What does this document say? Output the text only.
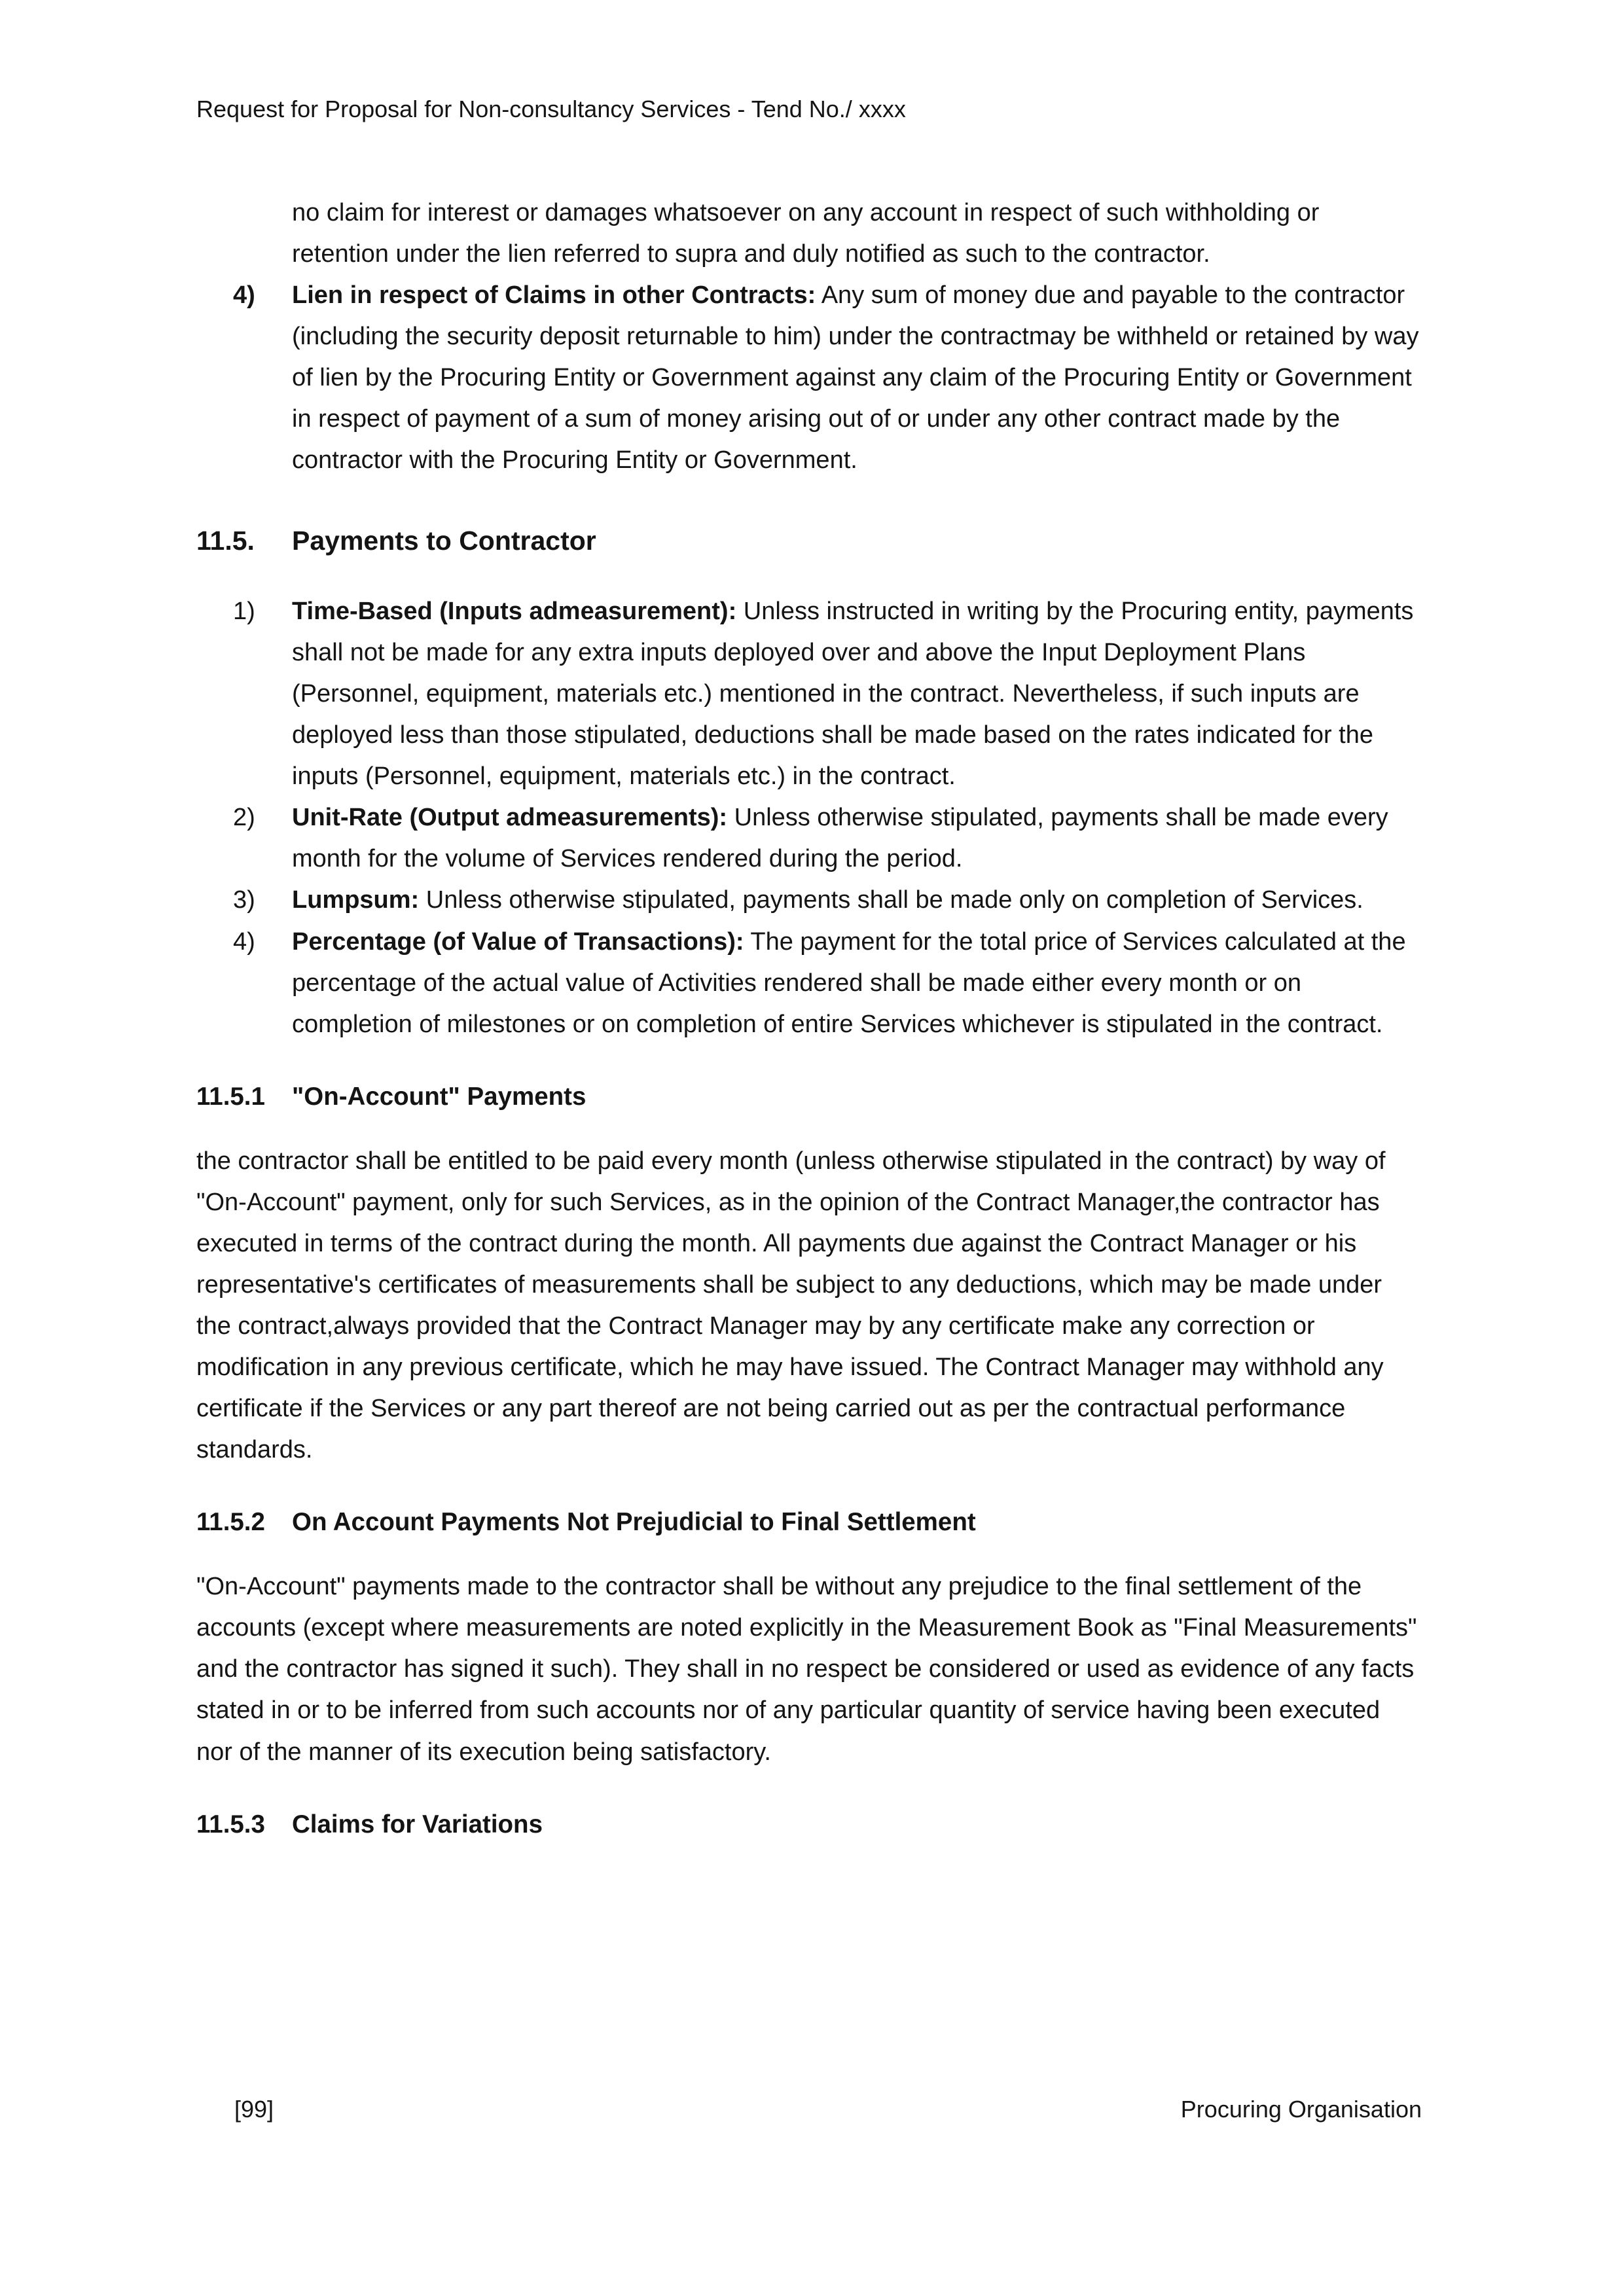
Request for Proposal for Non-consultancy Services - Tend No./ xxxx

no claim for interest or damages whatsoever on any account in respect of such withholding or retention under the lien referred to supra and duly notified as such to the contractor.

4) Lien in respect of Claims in other Contracts: Any sum of money due and payable to the contractor (including the security deposit returnable to him) under the contractmay be withheld or retained by way of lien by the Procuring Entity or Government against any claim of the Procuring Entity or Government in respect of payment of a sum of money arising out of or under any other contract made by the contractor with the Procuring Entity or Government.
11.5.	Payments to Contractor
1) Time-Based (Inputs admeasurement): Unless instructed in writing by the Procuring entity, payments shall not be made for any extra inputs deployed over and above the Input Deployment Plans (Personnel, equipment, materials etc.) mentioned in the contract. Nevertheless, if such inputs are deployed less than those stipulated, deductions shall be made based on the rates indicated for the inputs (Personnel, equipment, materials etc.) in the contract.
2) Unit-Rate (Output admeasurements): Unless otherwise stipulated, payments shall be made every month for the volume of Services rendered during the period.
3) Lumpsum: Unless otherwise stipulated, payments shall be made only on completion of Services.
4) Percentage (of Value of Transactions): The payment for the total price of Services calculated at the percentage of the actual value of Activities rendered shall be made either every month or on completion of milestones or on completion of entire Services whichever is stipulated in the contract.
11.5.1	"On-Account" Payments

the contractor shall be entitled to be paid every month (unless otherwise stipulated in the contract) by way of "On-Account" payment, only for such Services, as in the opinion of the Contract Manager,the contractor has executed in terms of the contract during the month. All payments due against the Contract Manager or his representative's certificates of measurements shall be subject to any deductions, which may be made under the contract,always provided that the Contract Manager may by any certificate make any correction or modification in any previous certificate, which he may have issued. The Contract Manager may withhold any certificate if the Services or any part thereof are not being carried out as per the contractual performance standards.

11.5.2	On Account Payments Not Prejudicial to Final Settlement

"On-Account" payments made to the contractor shall be without any prejudice to the final settlement of the accounts (except where measurements are noted explicitly in the Measurement Book as "Final Measurements" and the contractor has signed it such). They shall in no respect be considered or used as evidence of any facts stated in or to be inferred from such accounts nor of any particular quantity of service having been executed nor of the manner of its execution being satisfactory.

11.5.3	Claims for Variations
[99]	Procuring Organisation
